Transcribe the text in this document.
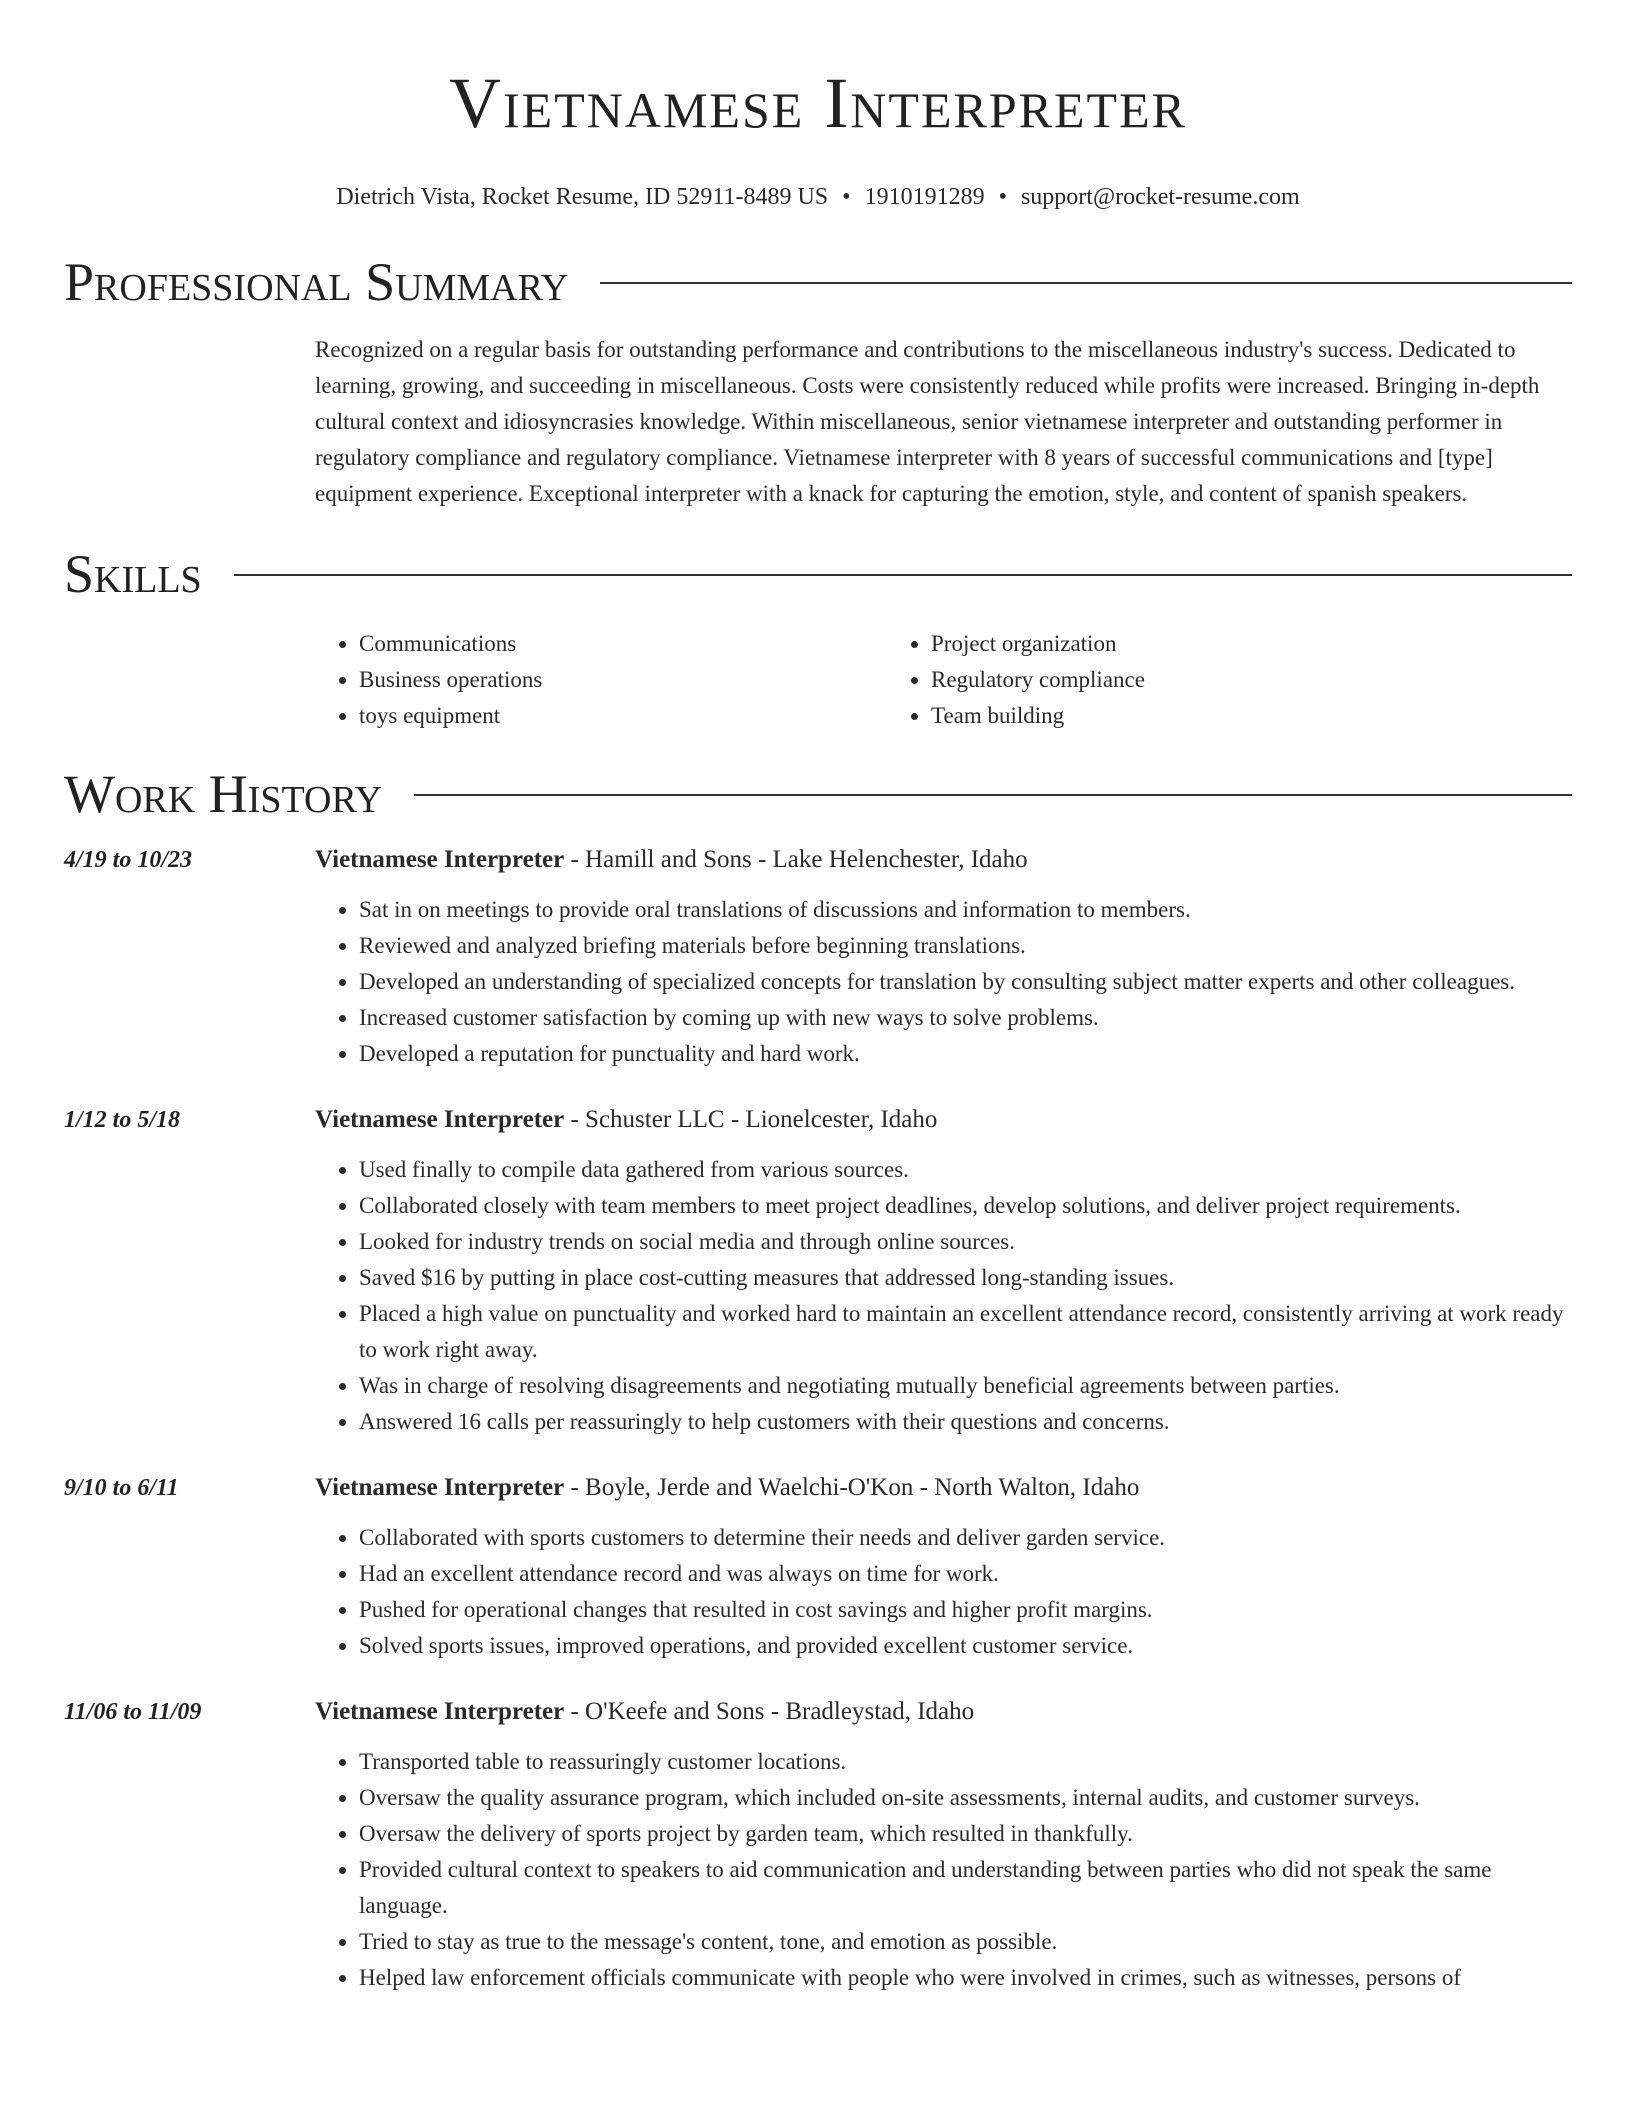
Vietnamese Interpreter
Dietrich Vista, Rocket Resume, ID 52911-8489 US • 1910191289 • support@rocket-resume.com
Professional Summary
Recognized on a regular basis for outstanding performance and contributions to the miscellaneous industry's success. Dedicated to learning, growing, and succeeding in miscellaneous. Costs were consistently reduced while profits were increased. Bringing in-depth cultural context and idiosyncrasies knowledge. Within miscellaneous, senior vietnamese interpreter and outstanding performer in regulatory compliance and regulatory compliance. Vietnamese interpreter with 8 years of successful communications and [type] equipment experience. Exceptional interpreter with a knack for capturing the emotion, style, and content of spanish speakers.
Skills
• Communications
• Business operations
• toys equipment
• Project organization
• Regulatory compliance
• Team building
Work History
4/19 to 10/23	Vietnamese Interpreter - Hamill and Sons - Lake Helenchester, Idaho
• Sat in on meetings to provide oral translations of discussions and information to members.
• Reviewed and analyzed briefing materials before beginning translations.
• Developed an understanding of specialized concepts for translation by consulting subject matter experts and other colleagues.
• Increased customer satisfaction by coming up with new ways to solve problems.
• Developed a reputation for punctuality and hard work.
1/12 to 5/18	Vietnamese Interpreter - Schuster LLC - Lionelcester, Idaho
• Used finally to compile data gathered from various sources.
• Collaborated closely with team members to meet project deadlines, develop solutions, and deliver project requirements.
• Looked for industry trends on social media and through online sources.
• Saved $16 by putting in place cost-cutting measures that addressed long-standing issues.
• Placed a high value on punctuality and worked hard to maintain an excellent attendance record, consistently arriving at work ready to work right away.
• Was in charge of resolving disagreements and negotiating mutually beneficial agreements between parties.
• Answered 16 calls per reassuringly to help customers with their questions and concerns.
9/10 to 6/11	Vietnamese Interpreter - Boyle, Jerde and Waelchi-O'Kon - North Walton, Idaho
• Collaborated with sports customers to determine their needs and deliver garden service.
• Had an excellent attendance record and was always on time for work.
• Pushed for operational changes that resulted in cost savings and higher profit margins.
• Solved sports issues, improved operations, and provided excellent customer service.
11/06 to 11/09	Vietnamese Interpreter - O'Keefe and Sons - Bradleystad, Idaho
• Transported table to reassuringly customer locations.
• Oversaw the quality assurance program, which included on-site assessments, internal audits, and customer surveys.
• Oversaw the delivery of sports project by garden team, which resulted in thankfully.
• Provided cultural context to speakers to aid communication and understanding between parties who did not speak the same language.
• Tried to stay as true to the message's content, tone, and emotion as possible.
• Helped law enforcement officials communicate with people who were involved in crimes, such as witnesses, persons of
